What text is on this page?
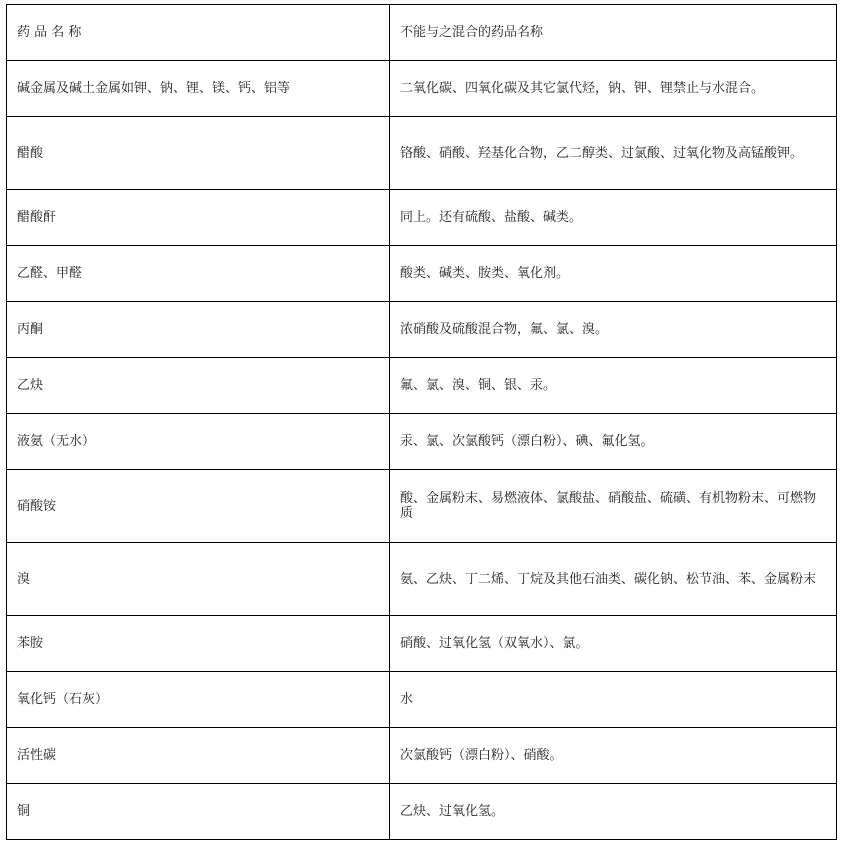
药 品 名 称	不能与之混合的药品名称
碱金属及碱土金属如钾、钠、锂、镁、钙、铝等	二氧化碳、四氧化碳及其它氯代烃，钠、钾、锂禁止与水混合。
醋酸	铬酸、硝酸、羟基化合物，乙二醇类、过氯酸、过氧化物及高锰酸钾。
醋酸酐	同上。还有硫酸、盐酸、碱类。
乙醛、甲醛	酸类、碱类、胺类、氧化剂。
丙酮	浓硝酸及硫酸混合物，氟、氯、溴。
乙炔	氟、氯、溴、铜、银、汞。
液氨（无水）	汞、氯、次氯酸钙（漂白粉）、碘、氟化氢。
硝酸铵	酸、金属粉末、易燃液体、氯酸盐、硝酸盐、硫磺、有机物粉末、可燃物质
溴	氨、乙炔、丁二烯、丁烷及其他石油类、碳化钠、松节油、苯、金属粉末
苯胺	硝酸、过氧化氢（双氧水）、氯。
氧化钙（石灰）	水
活性碳	次氯酸钙（漂白粉）、硝酸。
铜	乙炔、过氧化氢。
